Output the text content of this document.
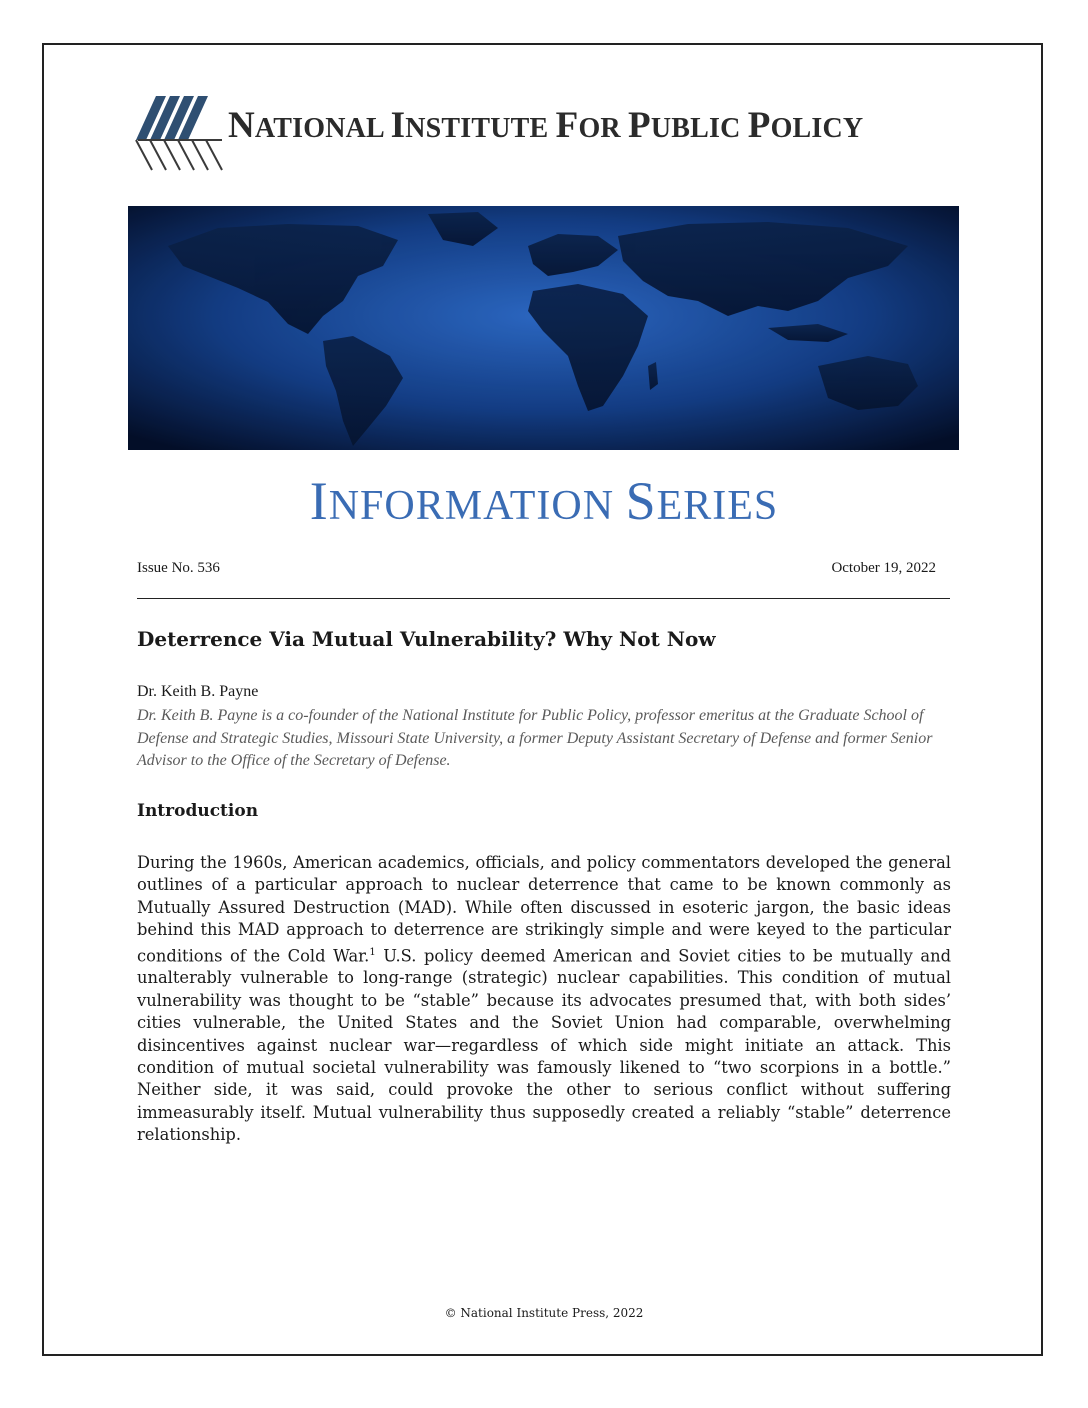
NATIONAL INSTITUTE FOR PUBLIC POLICY
INFORMATION SERIES
Issue No. 536	October 19, 2022
Deterrence Via Mutual Vulnerability? Why Not Now
Dr. Keith B. Payne
Dr. Keith B. Payne is a co-founder of the National Institute for Public Policy, professor emeritus at the Graduate School of Defense and Strategic Studies, Missouri State University, a former Deputy Assistant Secretary of Defense and former Senior Advisor to the Office of the Secretary of Defense.
Introduction
During the 1960s, American academics, officials, and policy commentators developed the general outlines of a particular approach to nuclear deterrence that came to be known commonly as Mutually Assured Destruction (MAD). While often discussed in esoteric jargon, the basic ideas behind this MAD approach to deterrence are strikingly simple and were keyed to the particular conditions of the Cold War.$^1$ U.S. policy deemed American and Soviet cities to be mutually and unalterably vulnerable to long-range (strategic) nuclear capabilities. This condition of mutual vulnerability was thought to be “stable” because its advocates presumed that, with both sides’ cities vulnerable, the United States and the Soviet Union had comparable, overwhelming disincentives against nuclear war—regardless of which side might initiate an attack. This condition of mutual societal vulnerability was famously likened to “two scorpions in a bottle.” Neither side, it was said, could provoke the other to serious conflict without suffering immeasurably itself. Mutual vulnerability thus supposedly created a reliably “stable” deterrence relationship.
© National Institute Press, 2022
